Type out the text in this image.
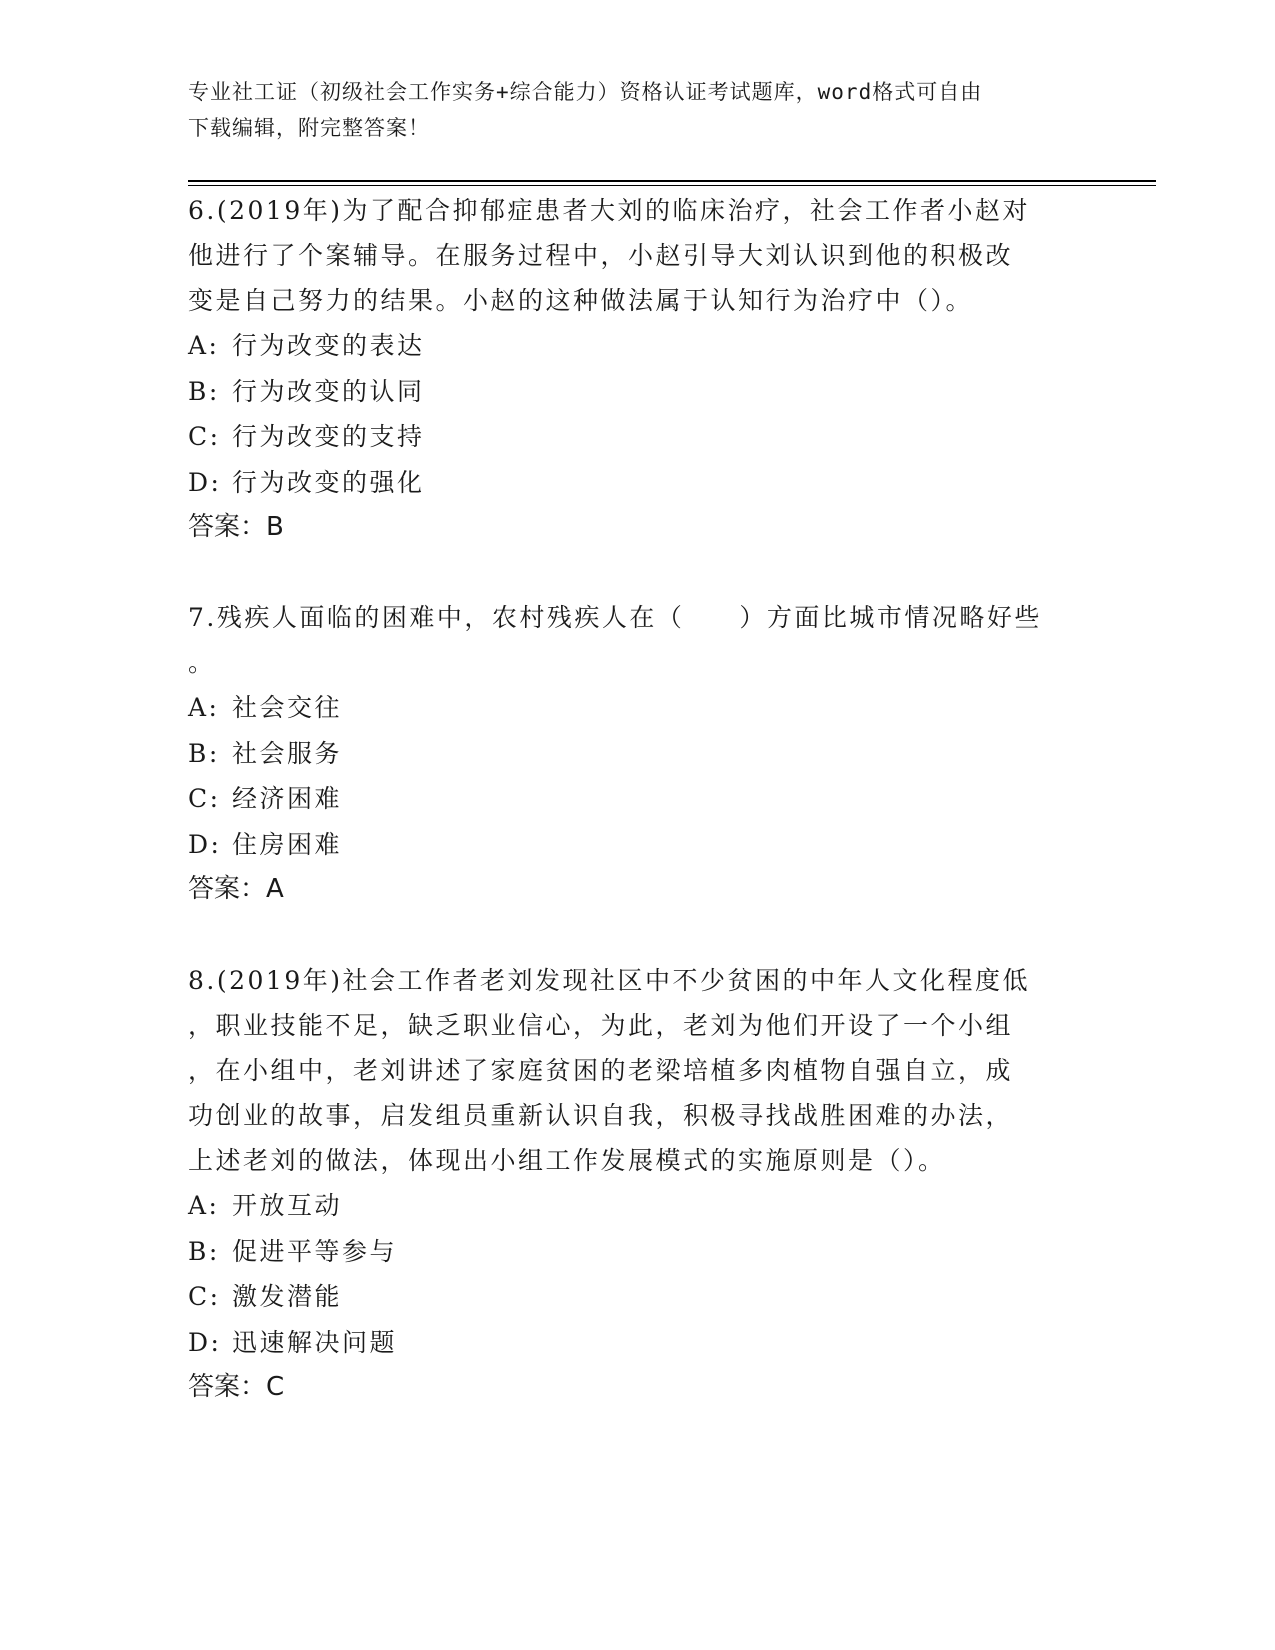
专业社工证（初级社会工作实务+综合能力）资格认证考试题库，word格式可自由
下载编辑，附完整答案！

6.(2019年)为了配合抑郁症患者大刘的临床治疗，社会工作者小赵对

他进行了个案辅导。在服务过程中，小赵引导大刘认识到他的积极改

变是自己努力的结果。小赵的这种做法属于认知行为治疗中（）。

A: 行为改变的表达

B: 行为改变的认同

C: 行为改变的支持

D: 行为改变的强化

答案：B

7.残疾人面临的困难中，农村残疾人在（　　）方面比城市情况略好些

。

A: 社会交往

B: 社会服务

C: 经济困难

D: 住房困难

答案：A

8.(2019年)社会工作者老刘发现社区中不少贫困的中年人文化程度低

，职业技能不足，缺乏职业信心，为此，老刘为他们开设了一个小组

，在小组中，老刘讲述了家庭贫困的老梁培植多肉植物自强自立，成

功创业的故事，启发组员重新认识自我，积极寻找战胜困难的办法，

上述老刘的做法，体现出小组工作发展模式的实施原则是（）。

A: 开放互动

B: 促进平等参与

C: 激发潜能

D: 迅速解决问题

答案：C
